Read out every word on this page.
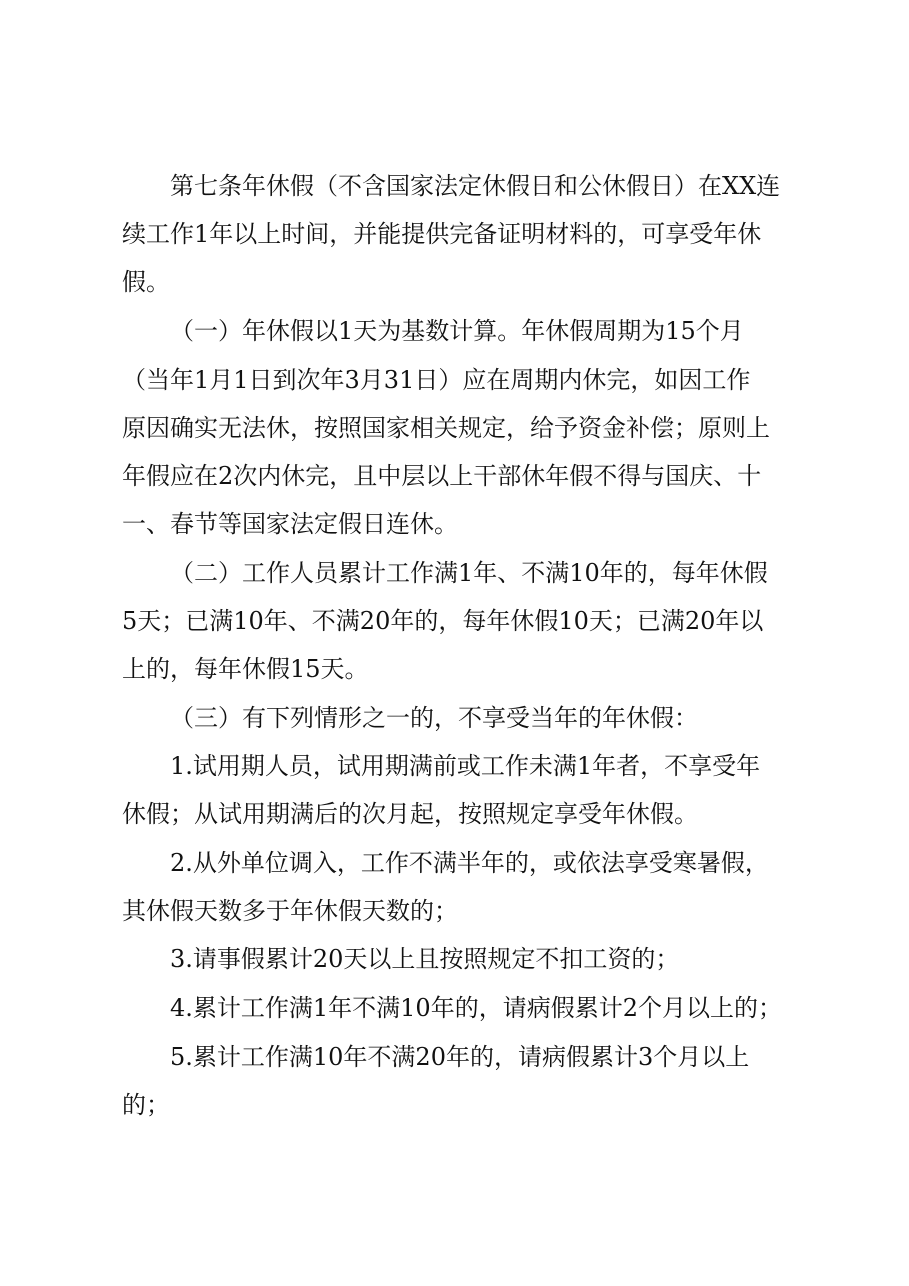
第七条年休假（不含国家法定休假日和公休假日）在XX连

续工作1年以上时间，并能提供完备证明材料的，可享受年休

假。

（一）年休假以1天为基数计算。年休假周期为15个月

（当年1月1日到次年3月31日）应在周期内休完，如因工作

原因确实无法休，按照国家相关规定，给予资金补偿；原则上

年假应在2次内休完，且中层以上干部休年假不得与国庆、十

一、春节等国家法定假日连休。

（二）工作人员累计工作满1年、不满10年的，每年休假

5天；已满10年、不满20年的，每年休假10天；已满20年以

上的，每年休假15天。

（三）有下列情形之一的，不享受当年的年休假：

1.试用期人员，试用期满前或工作未满1年者，不享受年

休假；从试用期满后的次月起，按照规定享受年休假。

2.从外单位调入，工作不满半年的，或依法享受寒暑假，

其休假天数多于年休假天数的；

3.请事假累计20天以上且按照规定不扣工资的；

4.累计工作满1年不满10年的，请病假累计2个月以上的；

5.累计工作满10年不满20年的，请病假累计3个月以上

的；
